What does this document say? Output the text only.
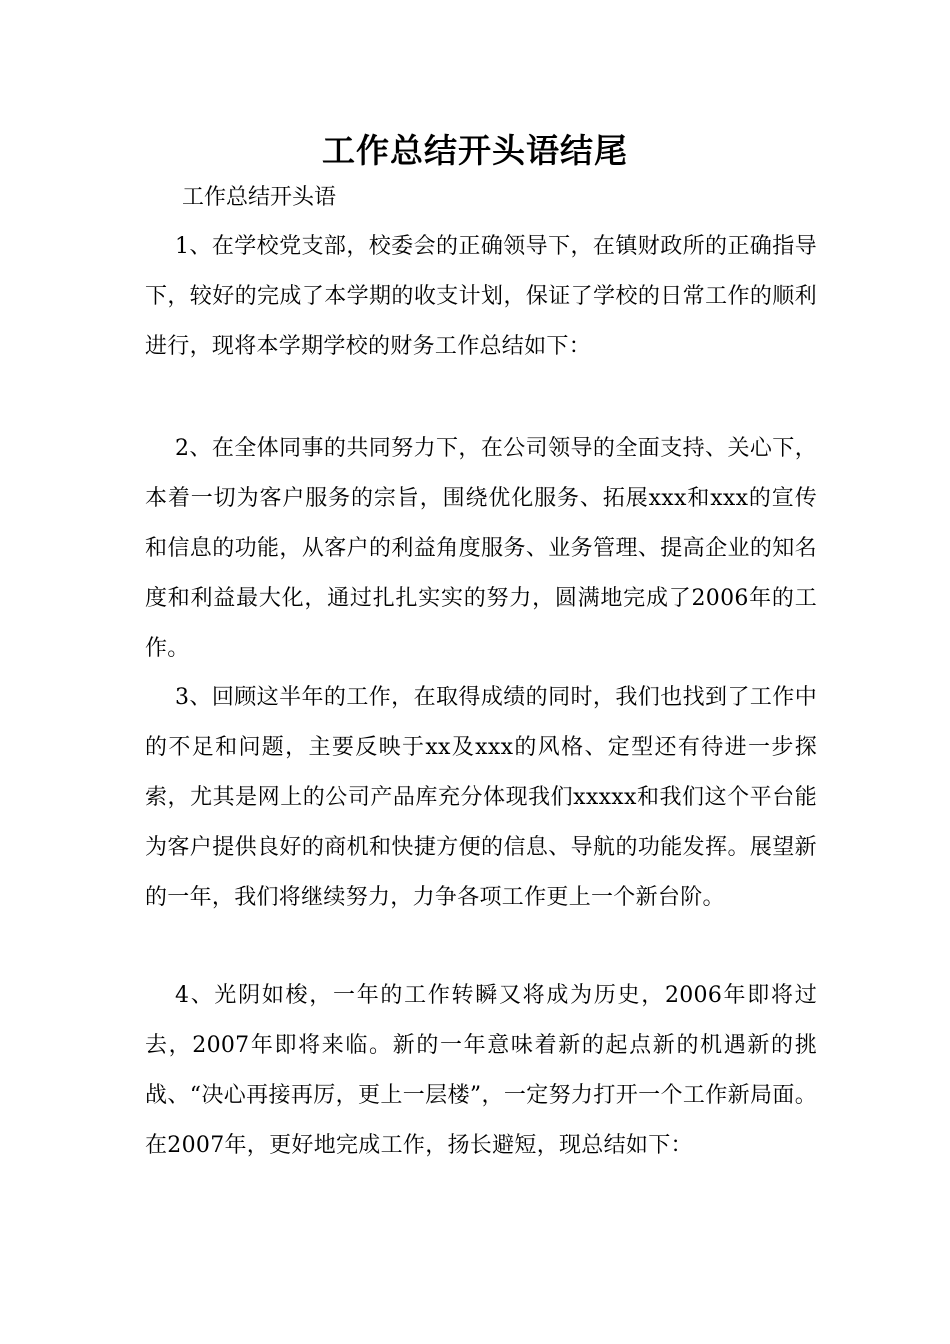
工作总结开头语结尾
工作总结开头语

1、在学校党支部，校委会的正确领导下，在镇财政所的正确指导下，较好的完成了本学期的收支计划，保证了学校的日常工作的顺利进行，现将本学期学校的财务工作总结如下：

2、在全体同事的共同努力下，在公司领导的全面支持、关心下，本着一切为客户服务的宗旨，围绕优化服务、拓展xxx和xxx的宣传和信息的功能，从客户的利益角度服务、业务管理、提高企业的知名度和利益最大化，通过扎扎实实的努力，圆满地完成了2006年的工作。

3、回顾这半年的工作，在取得成绩的同时，我们也找到了工作中的不足和问题，主要反映于xx及xxx的风格、定型还有待进一步探索，尤其是网上的公司产品库充分体现我们xxxxx和我们这个平台能为客户提供良好的商机和快捷方便的信息、导航的功能发挥。展望新的一年，我们将继续努力，力争各项工作更上一个新台阶。

4、光阴如梭，一年的工作转瞬又将成为历史，2006年即将过去，2007年即将来临。新的一年意味着新的起点新的机遇新的挑战、“决心再接再厉，更上一层楼”，一定努力打开一个工作新局面。在2007年，更好地完成工作，扬长避短，现总结如下：
